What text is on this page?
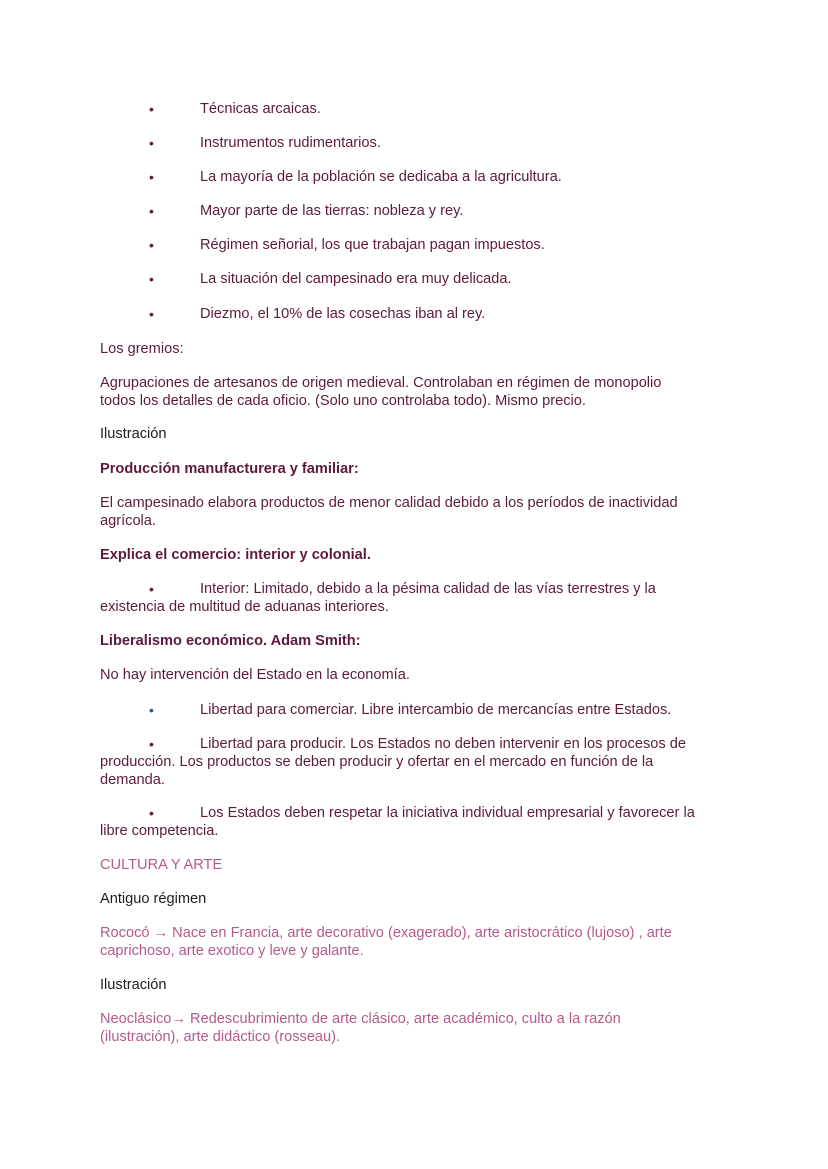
•	Técnicas arcaicas.
•	Instrumentos rudimentarios.
•	La mayoría de la población se dedicaba a la agricultura.
•	Mayor parte de las tierras: nobleza y rey.
•	Régimen señorial, los que trabajan pagan impuestos.
•	La situación del campesinado era muy delicada.
•	Diezmo, el 10% de las cosechas iban al rey.
Los gremios:
Agrupaciones de artesanos de origen medieval. Controlaban en régimen de monopolio todos los detalles de cada oficio. (Solo uno controlaba todo). Mismo precio.
Ilustración
Producción manufacturera y familiar:
El campesinado elabora productos de menor calidad debido a los períodos de inactividad agrícola.
Explica el comercio: interior y colonial.
•	Interior: Limitado, debido a la pésima calidad de las vías terrestres y la
existencia de multitud de aduanas interiores.
Liberalismo económico. Adam Smith:
No hay intervención del Estado en la economía.
•	Libertad para comerciar. Libre intercambio de mercancías entre Estados.
•	Libertad para producir. Los Estados no deben intervenir en los procesos de
producción. Los productos se deben producir y ofertar en el mercado en función de la demanda.
•	Los Estados deben respetar la iniciativa individual empresarial y favorecer la
libre competencia.
CULTURA Y ARTE
Antiguo régimen
Rococó → Nace en Francia, arte decorativo (exagerado), arte aristocrático (lujoso) , arte caprichoso, arte exotico y leve y galante.
Ilustración
Neoclásico→ Redescubrimiento de arte clásico, arte académico, culto a la razón (ilustración), arte didáctico (rosseau).
